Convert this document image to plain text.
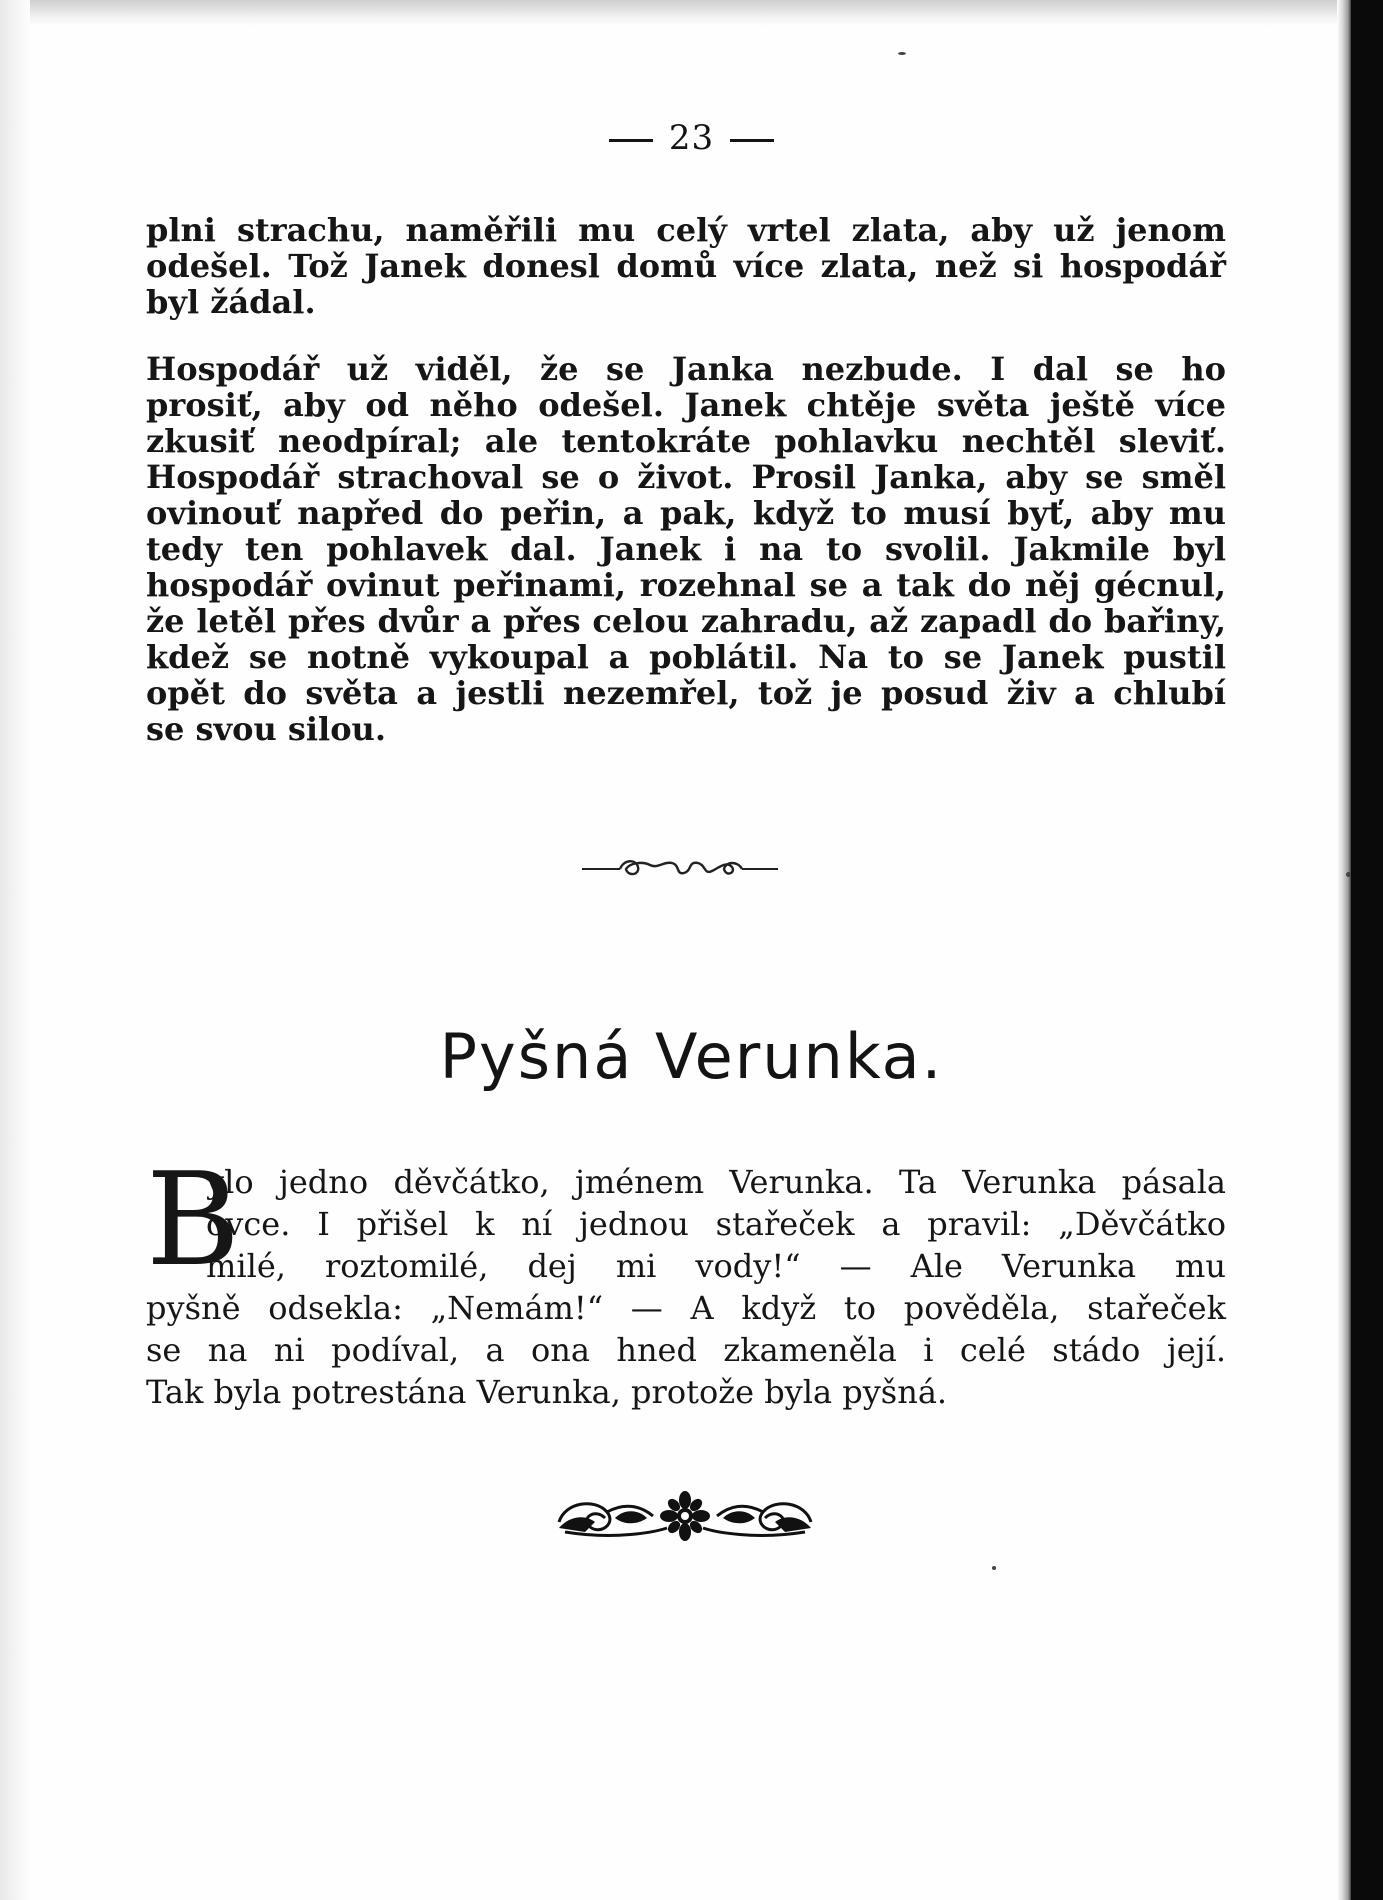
23

plni strachu, naměřili mu celý vrtel zlata, aby už jenom

odešel. Tož Janek donesl domů více zlata, než si hospodář

byl žádal.

Hospodář už viděl, že se Janka nezbude. I dal se ho

prosiť, aby od něho odešel. Janek chtěje světa ještě více

zkusiť neodpíral; ale tentokráte pohlavku nechtěl sleviť.

Hospodář strachoval se o život. Prosil Janka, aby se směl

ovinouť napřed do peřin, a pak, když to musí byť, aby mu

tedy ten pohlavek dal. Janek i na to svolil. Jakmile byl

hospodář ovinut peřinami, rozehnal se a tak do něj gécnul,

že letěl přes dvůr a přes celou zahradu, až zapadl do bařiny,

kdež se notně vykoupal a poblátil. Na to se Janek pustil

opět do světa a jestli nezemřel, tož je posud živ a chlubí

se svou silou.

Pyšná Verunka.
B
ylo jedno děvčátko, jménem Verunka. Ta Verunka pásala
ovce. I přišel k ní jednou stařeček a pravil: „Děvčátko
milé, roztomilé, dej mi vody!“ — Ale Verunka mu
pyšně odsekla: „Nemám!“ — A když to pověděla, stařeček
se na ni podíval, a ona hned zkameněla i celé stádo její.
Tak byla potrestána Verunka, protože byla pyšná.
